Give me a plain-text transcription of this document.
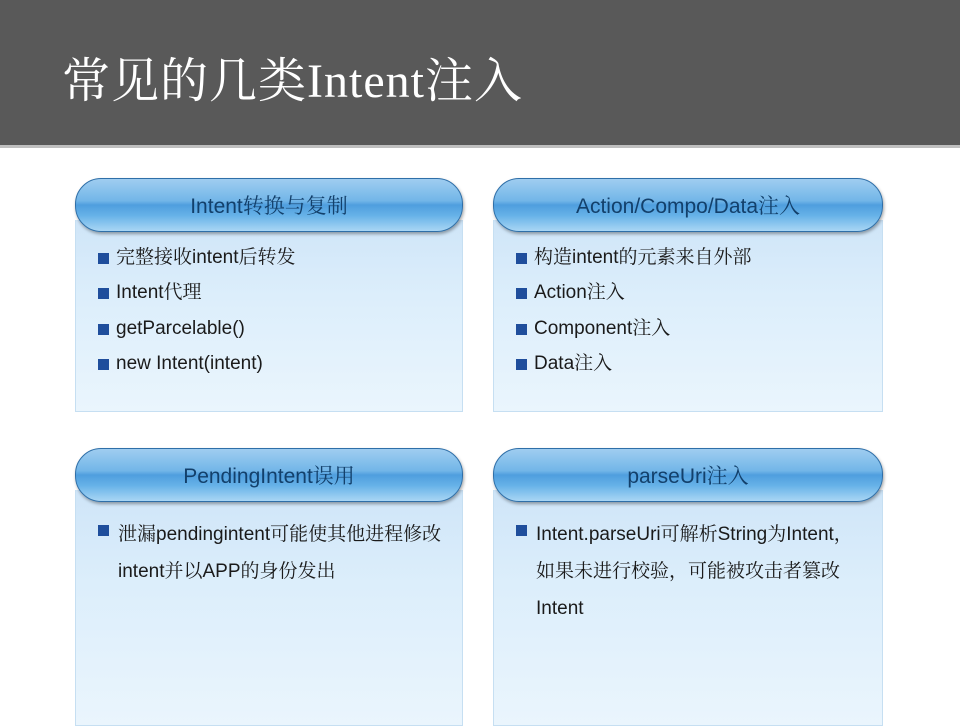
常见的几类Intent注入
Intent转换与复制
完整接收intent后转发
Intent代理
getParcelable()
new Intent(intent)
Action/Compo/Data注入
构造intent的元素来自外部
Action注入
Component注入
Data注入
PendingIntent误用
泄漏pendingintent可能使其他进程修改intent并以APP的身份发出
parseUri注入
Intent.parseUri可解析String为Intent，如果未进行校验，可能被攻击者篡改Intent
